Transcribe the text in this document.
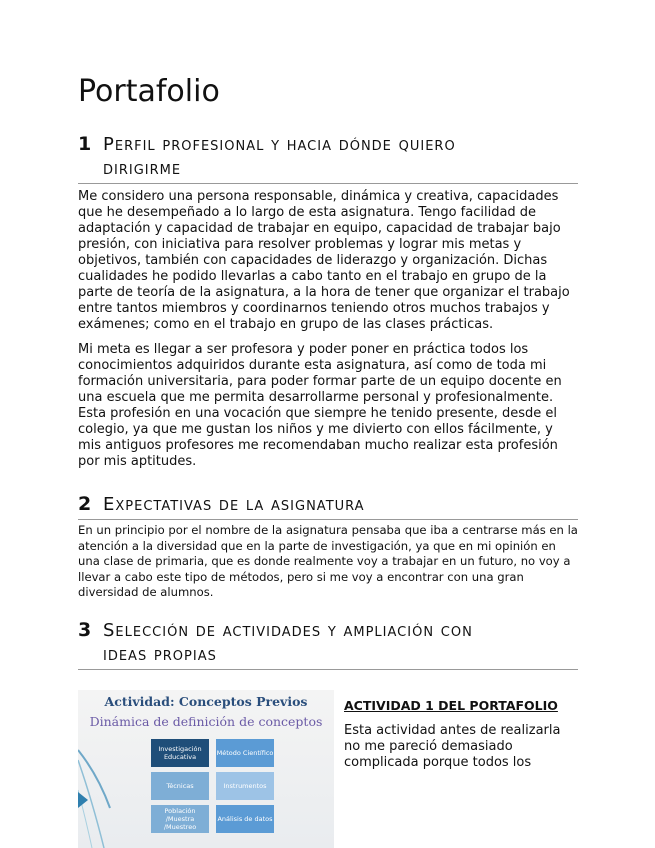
Portafolio
1 Perfil profesional y hacia dónde quiero
dirigirme

Me considero una persona responsable, dinámica y creativa, capacidades que he desempeñado a lo largo de esta asignatura. Tengo facilidad de adaptación y capacidad de trabajar en equipo, capacidad de trabajar bajo presión, con iniciativa para resolver problemas y lograr mis metas y objetivos, también con capacidades de liderazgo y organización. Dichas cualidades he podido llevarlas a cabo tanto en el trabajo en grupo de la parte de teoría de la asignatura, a la hora de tener que organizar el trabajo entre tantos miembros y coordinarnos teniendo otros muchos trabajos y exámenes; como en el trabajo en grupo de las clases prácticas.

Mi meta es llegar a ser profesora y poder poner en práctica todos los conocimientos adquiridos durante esta asignatura, así como de toda mi formación universitaria, para poder formar parte de un equipo docente en una escuela que me permita desarrollarme personal y profesionalmente. Esta profesión en una vocación que siempre he tenido presente, desde el colegio, ya que me gustan los niños y me divierto con ellos fácilmente, y mis antiguos profesores me recomendaban mucho realizar esta profesión por mis aptitudes.

2 Expectativas de la asignatura

En un principio por el nombre de la asignatura pensaba que iba a centrarse más en la atención a la diversidad que en la parte de investigación, ya que en mi opinión en una clase de primaria, que es donde realmente voy a trabajar en un futuro, no voy a llevar a cabo este tipo de métodos, pero si me voy a encontrar con una gran diversidad de alumnos.

3 Selección de actividades y ampliación con
ideas propias
Actividad: Conceptos Previos
Dinámica de definición de conceptos
Investigación Educativa	Método Científico
Técnicas	Instrumentos
Población /Muestra /Muestreo
Análisis de datos
ACTIVIDAD 1 DEL PORTAFOLIO

Esta actividad antes de realizarla no me pareció demasiado complicada porque todos los
